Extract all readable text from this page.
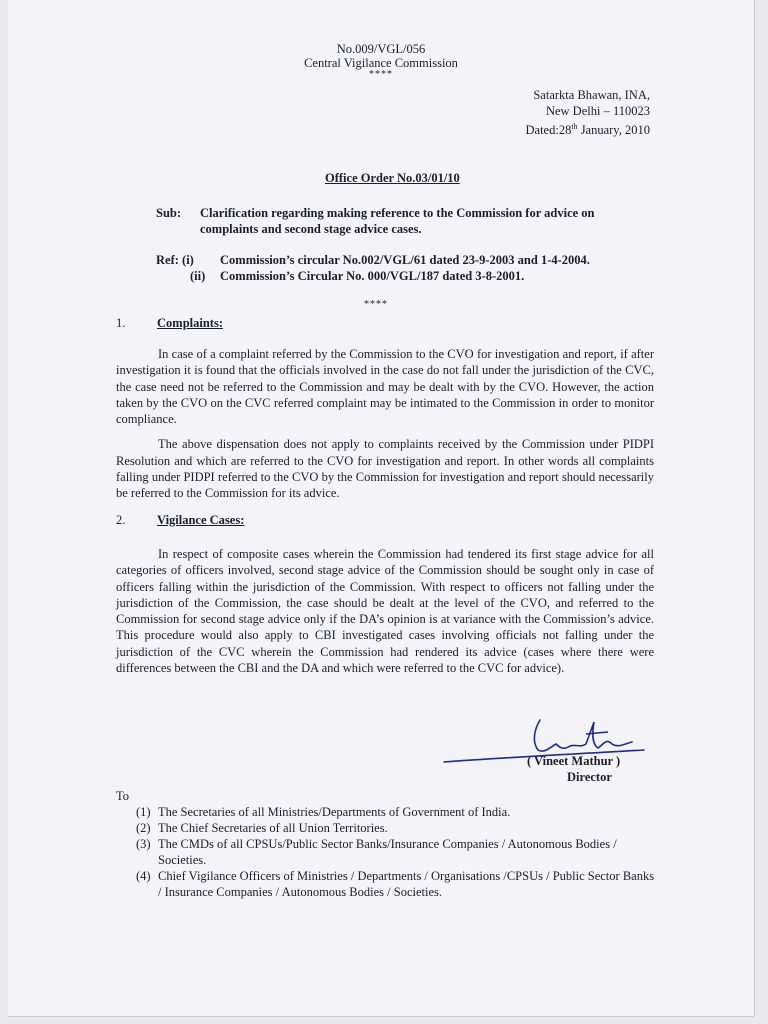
No.009/VGL/056
Central Vigilance Commission
****
Satarkta Bhawan, INA,
New Delhi – 110023
Dated:28th January, 2010
Office Order No.03/01/10
Sub:	Clarification regarding making reference to the Commission for advice on
complaints and second stage advice cases.
Ref: (i)	Commission’s circular No.002/VGL/61 dated 23-9-2003 and 1-4-2004.
(ii)	Commission’s Circular No. 000/VGL/187 dated 3-8-2001.
****
1.	Complaints:

In case of a complaint referred by the Commission to the CVO for investigation and report, if after investigation it is found that the officials involved in the case do not fall under the jurisdiction of the CVC, the case need not be referred to the Commission and may be dealt with by the CVO. However, the action taken by the CVO on the CVC referred complaint may be intimated to the Commission in order to monitor compliance.

The above dispensation does not apply to complaints received by the Commission under PIDPI Resolution and which are referred to the CVO for investigation and report. In other words all complaints falling under PIDPI referred to the CVO by the Commission for investigation and report should necessarily be referred to the Commission for its advice.

2.	Vigilance Cases:

In respect of composite cases wherein the Commission had tendered its first stage advice for all categories of officers involved, second stage advice of the Commission should be sought only in case of officers falling within the jurisdiction of the Commission. With respect to officers not falling under the jurisdiction of the Commission, the case should be dealt at the level of the CVO, and referred to the Commission for second stage advice only if the DA’s opinion is at variance with the Commission’s advice. This procedure would also apply to CBI investigated cases involving officials not falling under the jurisdiction of the CVC wherein the Commission had rendered its advice (cases where there were differences between the CBI and the DA and which were referred to the CVC for advice).

( Vineet Mathur )
Director
To
(1) The Secretaries of all Ministries/Departments of Government of India.
(2) The Chief Secretaries of all Union Territories.
(3) The CMDs of all CPSUs/Public Sector Banks/Insurance Companies / Autonomous Bodies / Societies.
(4) Chief Vigilance Officers of Ministries / Departments / Organisations /CPSUs / Public Sector Banks / Insurance Companies / Autonomous Bodies / Societies.
